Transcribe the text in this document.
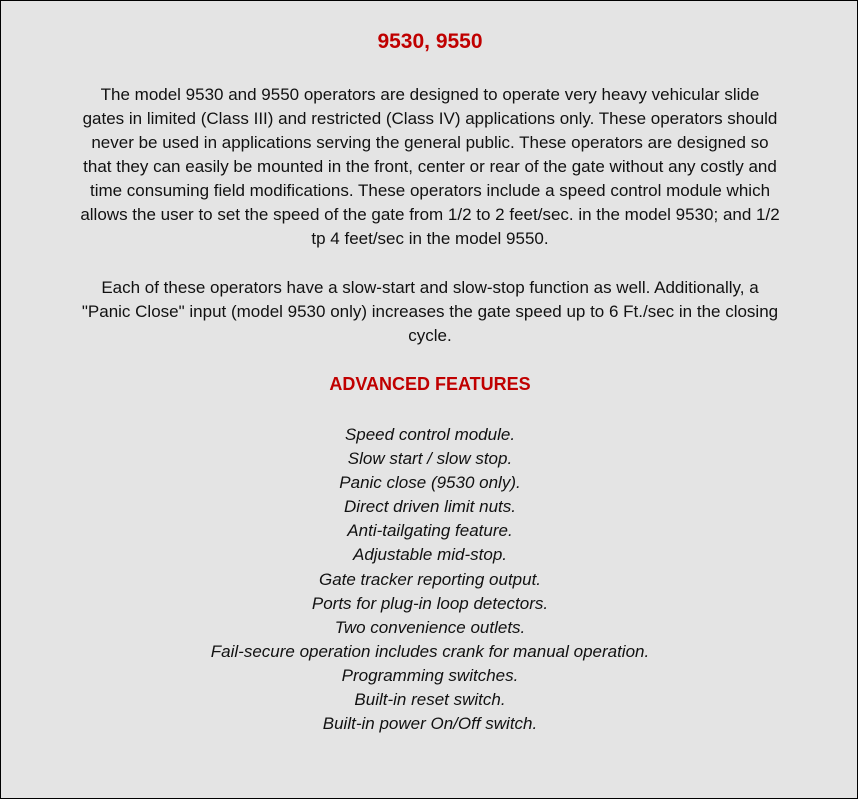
9530, 9550

The model 9530 and 9550 operators are designed to operate very heavy vehicular slide gates in limited (Class III) and restricted (Class IV) applications only. These operators should never be used in applications serving the general public. These operators are designed so that they can easily be mounted in the front, center or rear of the gate without any costly and time consuming field modifications. These operators include a speed control module which allows the user to set the speed of the gate from 1/2 to 2 feet/sec. in the model 9530; and 1/2 tp 4 feet/sec in the model 9550.

Each of these operators have a slow-start and slow-stop function as well. Additionally, a "Panic Close" input (model 9530 only) increases the gate speed up to 6 Ft./sec in the closing cycle.

ADVANCED FEATURES
Speed control module.
Slow start / slow stop.
Panic close (9530 only).
Direct driven limit nuts.
Anti-tailgating feature.
Adjustable mid-stop.
Gate tracker reporting output.
Ports for plug-in loop detectors.
Two convenience outlets.
Fail-secure operation includes crank for manual operation.
Programming switches.
Built-in reset switch.
Built-in power On/Off switch.
